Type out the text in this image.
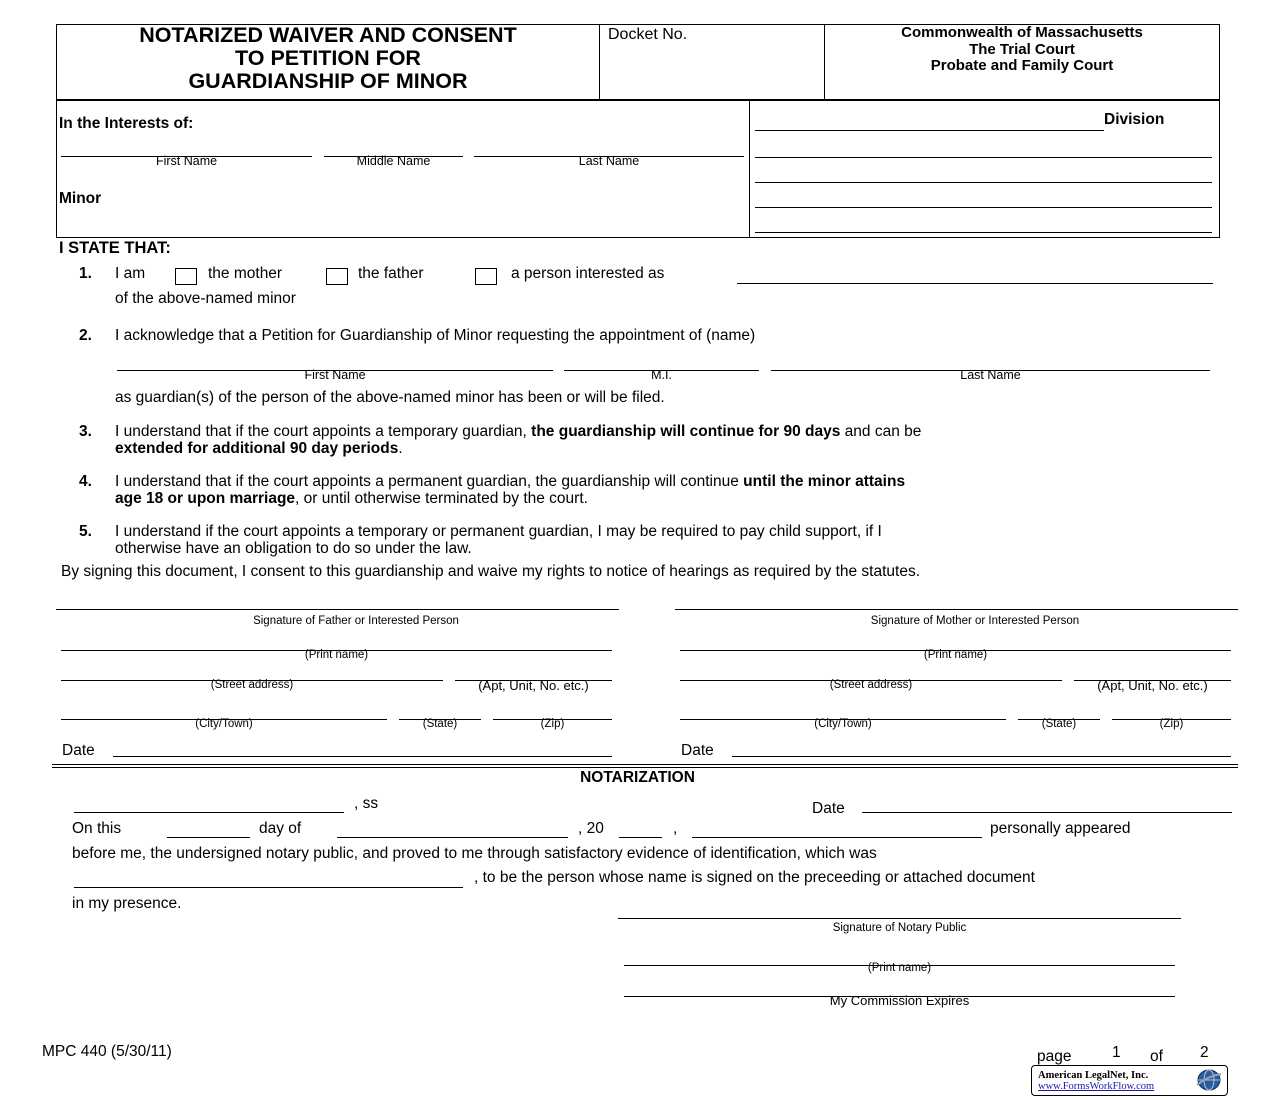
NOTARIZED WAIVER AND CONSENT
TO PETITION FOR
GUARDIANSHIP OF MINOR
Docket No.	Commonwealth of Massachusetts
The Trial Court
Probate and Family Court
In the Interests of:
First Name	Middle Name	Last Name
Minor
Division
I STATE THAT:
1. I am	the mother	the father	a person interested as
of the above-named minor
2. I acknowledge that a Petition for Guardianship of Minor requesting the appointment of (name)
First Name	M.I.	Last Name
as guardian(s) of the person of the above-named minor has been or will be filed.
3. I understand that if the court appoints a temporary guardian, the guardianship will continue for 90 days and can be
extended for additional 90 day periods.
4. I understand that if the court appoints a permanent guardian, the guardianship will continue until the minor attains
age 18 or upon marriage, or until otherwise terminated by the court.
5. I understand if the court appoints a temporary or permanent guardian, I may be required to pay child support, if I
otherwise have an obligation to do so under the law.
By signing this document, I consent to this guardianship and waive my rights to notice of hearings as required by the statutes.
Signature of Father or Interested Person
(Print name)
(Street address)	(Apt, Unit, No. etc.)
(City/Town)	(State)	(Zip)
Date
Signature of Mother or Interested Person
(Print name)
(Street address)	(Apt, Unit, No. etc.)
(City/Town)	(State)	(Zip)
Date
NOTARIZATION
, ss	Date
On this	day of	, 20	,	personally appeared
before me, the undersigned notary public, and proved to me through satisfactory evidence of identification, which was
, to be the person whose name is signed on the preceeding or attached document
in my presence.
Signature of Notary Public
(Print name)
My Commission Expires
MPC 440 (5/30/11)	page	1 of 2
American LegalNet, Inc.
www.FormsWorkFlow.com
